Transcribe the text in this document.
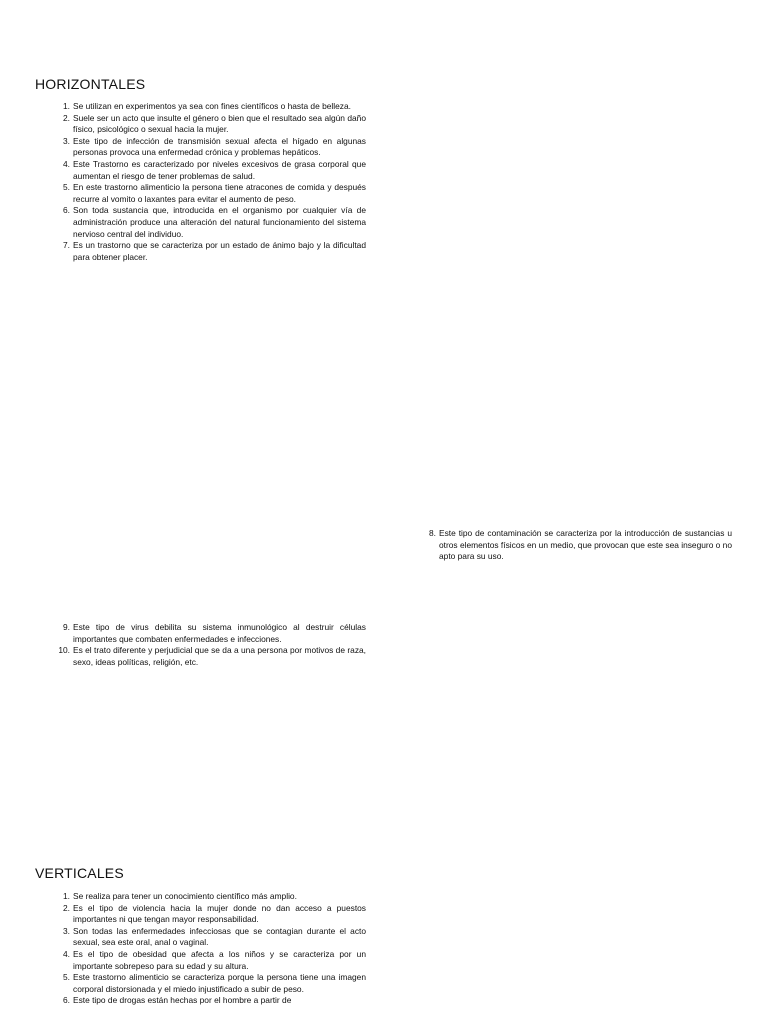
HORIZONTALES
1 . Se utilizan en experimentos ya sea con fines científicos o hasta de belleza.
2 . Suele ser un acto que insulte el género o bien que el resultado sea algún daño físico, psicológico o sexual hacia la mujer.
3 . Este tipo de infección de transmisión sexual afecta el hígado en algunas personas provoca una enfermedad crónica y problemas hepáticos.
4 . Este Trastorno es caracterizado por niveles excesivos de grasa corporal que aumentan el riesgo de tener problemas de salud.
5 . En este trastorno alimenticio la persona tiene atracones de comida y después recurre al vomito o laxantes para evitar el aumento de peso.
6 . Son toda sustancia que, introducida en el organismo por cualquier vía de administración produce una alteración del natural funcionamiento del sistema nervioso central del individuo.
7 . Es un trastorno que se caracteriza por un estado de ánimo bajo y la dificultad para obtener placer.
8 . Este tipo de contaminación se caracteriza por la introducción de sustancias u otros elementos físicos en un medio, que provocan que este sea inseguro o no apto para su uso.
9 . Este tipo de virus debilita su sistema inmunológico al destruir células importantes que combaten enfermedades e infecciones.
10 . Es el trato diferente y perjudicial que se da a una persona por motivos de raza, sexo, ideas políticas, religión, etc.
VERTICALES
1 . Se realiza para tener un conocimiento científico más amplio.
2 . Es el tipo de violencia hacia la mujer donde no dan acceso a puestos importantes ni que tengan mayor responsabilidad.
3 . Son todas las enfermedades infecciosas que se contagian durante el acto sexual, sea este oral, anal o vaginal.
4 . Es el tipo de obesidad que afecta a los niños y se caracteriza por un importante sobrepeso para su edad y su altura.
5 . Este trastorno alimenticio se caracteriza porque la persona tiene una imagen corporal distorsionada y el miedo injustificado a subir de peso.
6 . Este tipo de drogas están hechas por el hombre a partir de
